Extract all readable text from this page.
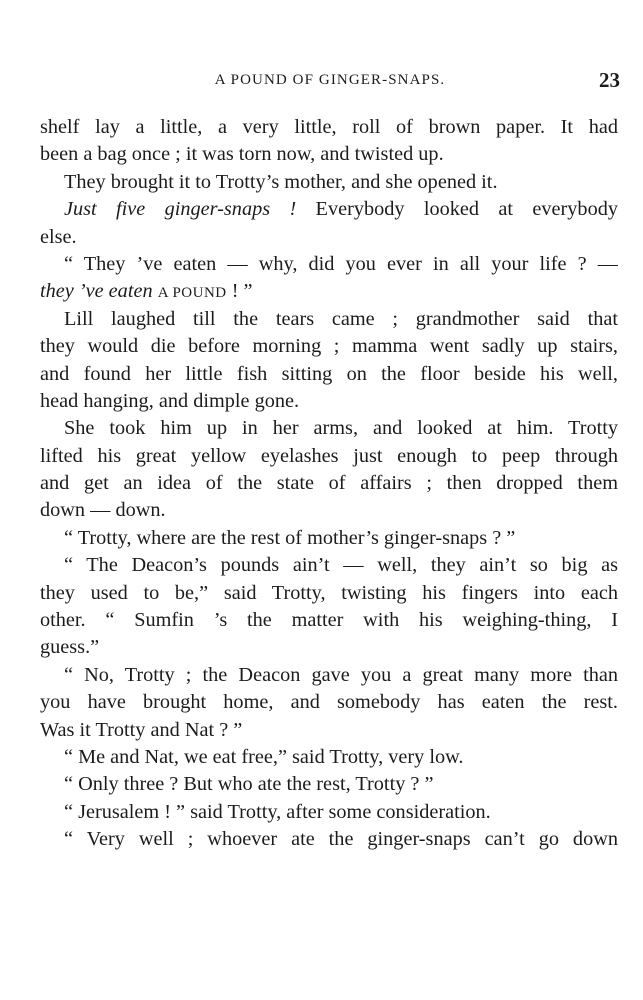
A POUND OF GINGER-SNAPS.	23
shelf lay a little, a very little, roll of brown paper. It had
been a bag once ; it was torn now, and twisted up.
They brought it to Trotty’s mother, and she opened it.
Just five ginger-snaps ! Everybody looked at everybody
else.
“ They ’ve eaten — why, did you ever in all your life ? —
they ’ve eaten A POUND ! ”
Lill laughed till the tears came ; grandmother said that
they would die before morning ; mamma went sadly up stairs,
and found her little fish sitting on the floor beside his well,
head hanging, and dimple gone.
She took him up in her arms, and looked at him. Trotty
lifted his great yellow eyelashes just enough to peep through
and get an idea of the state of affairs ; then dropped them
down — down.
“ Trotty, where are the rest of mother’s ginger-snaps ? ”
“ The Deacon’s pounds ain’t — well, they ain’t so big as
they used to be,” said Trotty, twisting his fingers into each
other. “ Sumfin ’s the matter with his weighing-thing, I
guess.”
“ No, Trotty ; the Deacon gave you a great many more than
you have brought home, and somebody has eaten the rest.
Was it Trotty and Nat ? ”
“ Me and Nat, we eat free,” said Trotty, very low.
“ Only three ? But who ate the rest, Trotty ? ”
“ Jerusalem ! ” said Trotty, after some consideration.
“ Very well ; whoever ate the ginger-snaps can’t go down
